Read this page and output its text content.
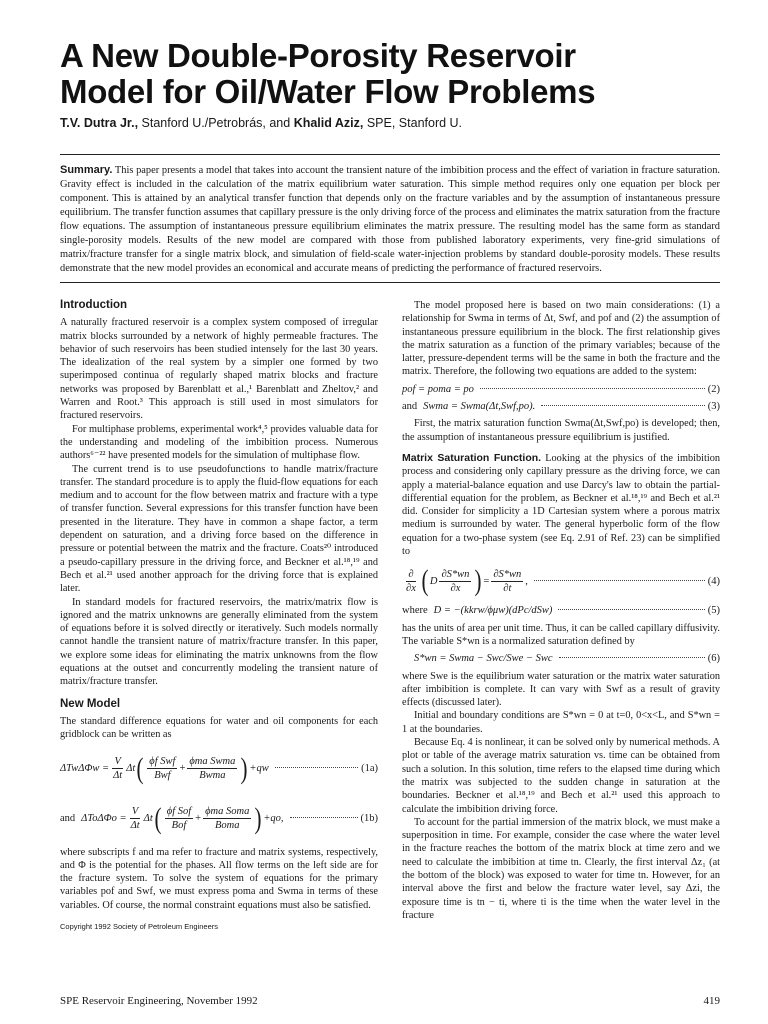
A New Double-Porosity Reservoir
Model for Oil/Water Flow Problems
T.V. Dutra Jr., Stanford U./Petrobrás, and Khalid Aziz, SPE, Stanford U.
Summary. This paper presents a model that takes into account the transient nature of the imbibition process and the effect of variation in fracture saturation. Gravity effect is included in the calculation of the matrix equilibrium water saturation. This simple method requires only one equation per block per component. This is attained by an analytical transfer function that depends only on the fracture variables and by the assumption of instantaneous pressure equilibrium. The transfer function assumes that capillary pressure is the only driving force of the process and eliminates the matrix saturation from the fracture flow equations. The assumption of instantaneous pressure equilibrium eliminates the matrix pressure. The resulting model has the same form as standard single-porosity models. Results of the new model are compared with those from published laboratory experiments, very fine-grid simulations of matrix/fracture transfer for a single matrix block, and simulation of field-scale water-injection problems by standard double-porosity models. These results demonstrate that the new model provides an economical and accurate means of predicting the performance of fractured reservoirs.
Introduction

A naturally fractured reservoir is a complex system composed of irregular matrix blocks surrounded by a network of highly permeable fractures. The behavior of such reservoirs has been studied intensely for the last 30 years. The idealization of the real system by a simpler one formed by two superimposed continua of regularly shaped matrix blocks and fracture networks was proposed by Barenblatt et al.,¹ Barenblatt and Zheltov,² and Warren and Root.³ This approach is still used in most simulators for fractured reservoirs.

For multiphase problems, experimental work⁴,⁵ provides valuable data for the understanding and modeling of the imbibition process. Numerous authors⁶⁻²² have presented models for the simulation of multiphase flow.

The current trend is to use pseudofunctions to handle matrix/fracture transfer. The standard procedure is to apply the fluid-flow equations for each medium and to account for the flow between matrix and fracture with a type of transfer function. Several expressions for this transfer function have been presented in the literature. They have in common a shape factor, a term dependent on saturation, and a driving force based on the difference in pressure or potential between the matrix and the fracture. Coats²⁰ introduced a pseudo-capillary pressure in the driving force, and Beckner et al.¹⁸,¹⁹ and Bech et al.²¹ used another approach for the driving force that is explained later.

In standard models for fractured reservoirs, the matrix/matrix flow is ignored and the matrix unknowns are generally eliminated from the system of equations before it is solved directly or iteratively. Such models normally cannot handle the transient nature of matrix/fracture transfer. In this paper, we explore some ideas for eliminating the matrix unknowns from the flow equations at the outset and concurrently modeling the transient nature of matrix/fracture transfer.

New Model

The standard difference equations for water and oil components for each gridblock can be written as

$\Delta Tw\Delta\Phi w = \frac{V}{\Delta t}$ Δt ( $\frac{\text{ϕf Swf}}{\text{Bwf}} + \frac{\text{ϕma Swma}}{\text{Bwma}}$ ) +qw	(1a)
and $\Delta To\Delta\Phi o = \frac{V}{\Delta t}$ Δt ( $\frac{\text{ϕf Sof}}{\text{Bof}} + \frac{\text{ϕma Soma}}{\text{Boma}}$ ) +qo,	(1b)

where subscripts f and ma refer to fracture and matrix systems, respectively, and Φ is the potential for the phases. All flow terms on the left side are for the fracture system. To solve the system of equations for the primary variables pof and Swf, we must express poma and Swma in terms of these variables. Of course, the normal constraint equations must also be satisfied.

Copyright 1992 Society of Petroleum Engineers

The model proposed here is based on two main considerations: (1) a relationship for Swma in terms of Δt, Swf, and pof and (2) the assumption of instantaneous pressure equilibrium in the block. The first relationship gives the matrix saturation as a function of the primary variables; because of the latter, pressure-dependent terms will be the same in both the fracture and the matrix. Therefore, the following two equations are added to the system:

pof = poma = po	(2)
and Swma = Swma(Δt,Swf,po).	(3)

First, the matrix saturation function Swma(Δt,Swf,po) is developed; then, the assumption of instantaneous pressure equilibrium is justified.

Matrix Saturation Function. Looking at the physics of the imbibition process and considering only capillary pressure as the driving force, we can apply a material-balance equation and use Darcy's law to obtain the partial-differential equation for the problem, as Beckner et al.¹⁸,¹⁹ and Bech et al.²¹ did. Consider for simplicity a 1D Cartesian system where a porous matrix medium is surrounded by water. The general hyperbolic form of the flow equation for a two-phase system (see Eq. 2.91 of Ref. 23) can be simplified to

$\frac{\partial}{\partial x}$ ( D $\frac{\partial S*wn}{\partial x}$ ) = $\frac{\partial S*wn}{\partial t}$ ,	(4)
where D = −(kkrw/ϕμw)(dPc/dSw)	(5)

has the units of area per unit time. Thus, it can be called capillary diffusivity. The variable S*wn is a normalized saturation defined by

S*wn = Swma − Swc/Swe − Swc	(6)

where Swe is the equilibrium water saturation or the matrix water saturation after imbibition is complete. It can vary with Swf as a result of gravity effects (discussed later).

Initial and boundary conditions are S*wn = 0 at t=0, 0<x<L, and S*wn = 1 at the boundaries.

Because Eq. 4 is nonlinear, it can be solved only by numerical methods. A plot or table of the average matrix saturation vs. time can be obtained from such a solution. In this solution, time refers to the elapsed time during which the matrix was subjected to the sudden change in saturation at the boundaries. Beckner et al.¹⁸,¹⁹ and Bech et al.²¹ used this approach to calculate the imbibition driving force.

To account for the partial immersion of the matrix block, we must make a superposition in time. For example, consider the case where the water level in the fracture reaches the bottom of the matrix block at time zero and we need to calculate the imbibition at time tn. Clearly, the first interval Δz₁ (at the bottom of the block) was exposed to water for time tn. However, for an interval above the first and below the fracture water level, say Δzi, the exposure time is tn − ti, where ti is the time when the water level in the fracture

SPE Reservoir Engineering, November 1992	419
